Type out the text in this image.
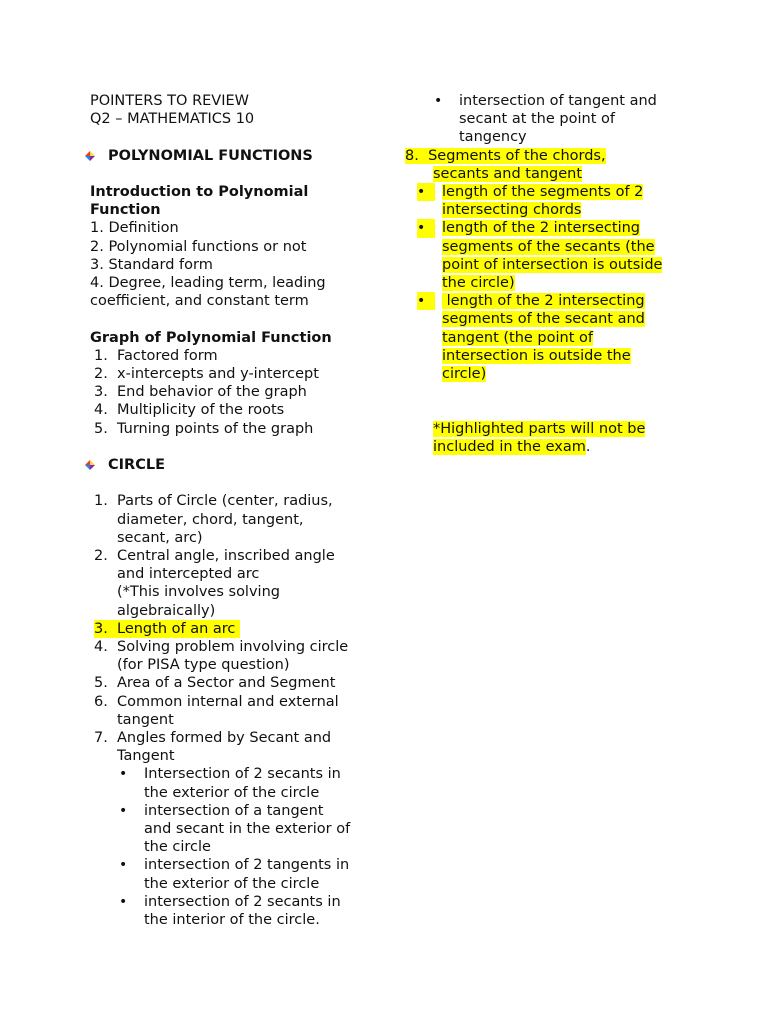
POINTERS TO REVIEW
Q2 – MATHEMATICS 10
POLYNOMIAL FUNCTIONS
Introduction to Polynomial
Function
1. Definition
2. Polynomial functions or not
3. Standard form
4. Degree, leading term, leading
coefficient, and constant term
Graph of Polynomial Function
1. Factored form
2. x-intercepts and y-intercept
3. End behavior of the graph
4. Multiplicity of the roots
5. Turning points of the graph
CIRCLE
1. Parts of Circle (center, radius,
diameter, chord, tangent,
secant, arc)
2. Central angle, inscribed angle
and intercepted arc
(*This involves solving
algebraically)
3. Length of an arc
4. Solving problem involving circle
(for PISA type question)
5. Area of a Sector and Segment
6. Common internal and external
tangent
7. Angles formed by Secant and
Tangent
• Intersection of 2 secants in
the exterior of the circle
• intersection of a tangent
and secant in the exterior of
the circle
• intersection of 2 tangents in
the exterior of the circle
• intersection of 2 secants in
the interior of the circle.
• intersection of tangent and
secant at the point of
tangency
8. Segments of the chords,
secants and tangent
•	length of the segments of 2
intersecting chords
•	length of the 2 intersecting
segments of the secants (the
point of intersection is outside
the circle)
•	length of the 2 intersecting
segments of the secant and
tangent (the point of
intersection is outside the
circle)
*Highlighted parts will not be
included in the exam.
